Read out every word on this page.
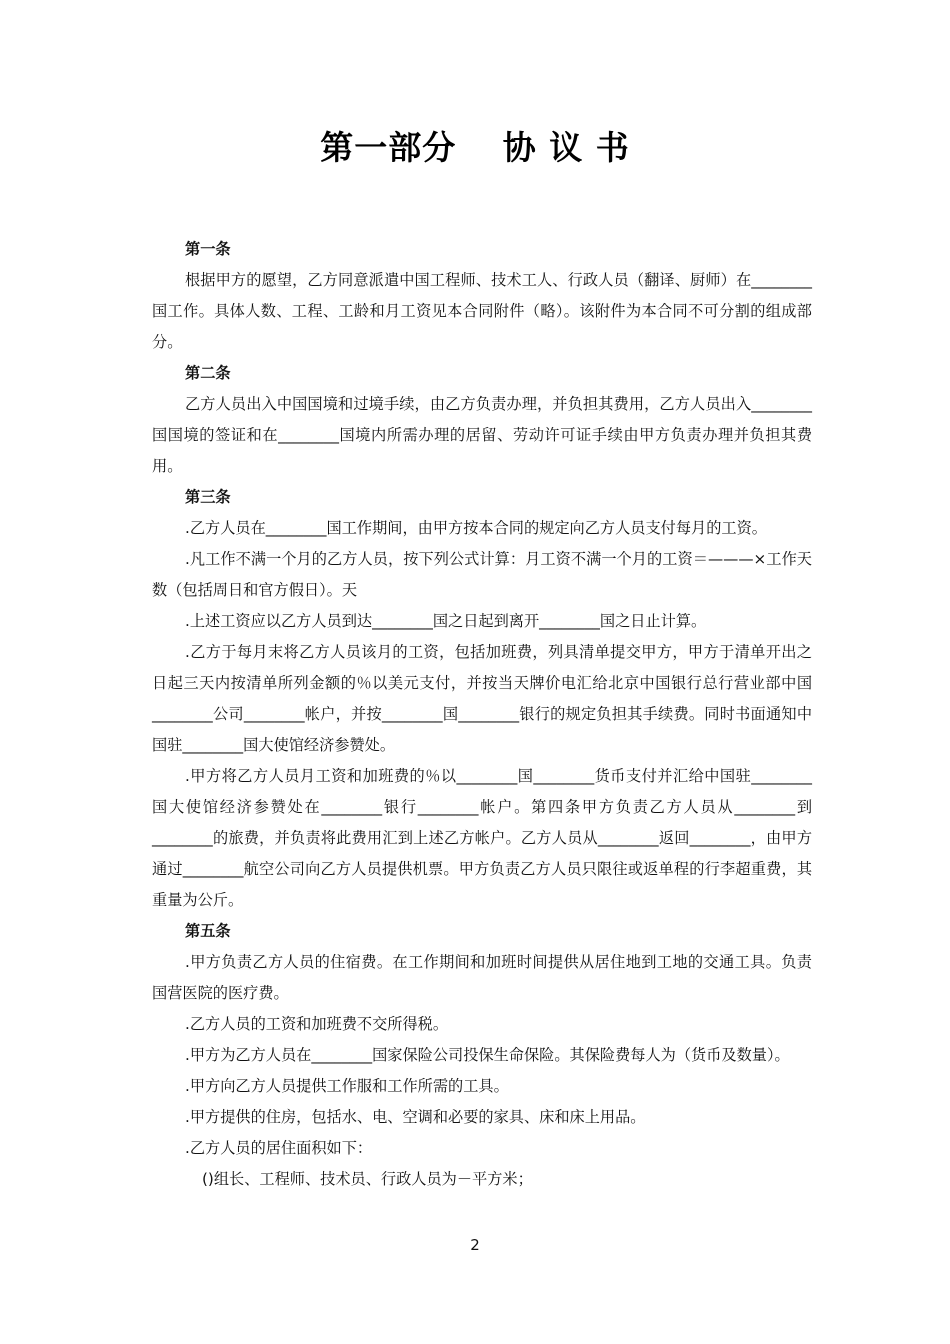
第一部分　 协 议 书

第一条

根据甲方的愿望，乙方同意派遣中国工程师、技术工人、行政人员（翻译、厨师）在________国工作。具体人数、工程、工龄和月工资见本合同附件（略）。该附件为本合同不可分割的组成部分。

第二条

乙方人员出入中国国境和过境手续，由乙方负责办理，并负担其费用，乙方人员出入________国国境的签证和在________国境内所需办理的居留、劳动许可证手续由甲方负责办理并负担其费用。

第三条

.乙方人员在________国工作期间，由甲方按本合同的规定向乙方人员支付每月的工资。

.凡工作不满一个月的乙方人员，按下列公式计算：月工资不满一个月的工资＝———×工作天数（包括周日和官方假日）。天

.上述工资应以乙方人员到达________国之日起到离开________国之日止计算。

.乙方于每月末将乙方人员该月的工资，包括加班费，列具清单提交甲方，甲方于清单开出之日起三天内按清单所列金额的％以美元支付，并按当天牌价电汇给北京中国银行总行营业部中国________公司________帐户，并按________国________银行的规定负担其手续费。同时书面通知中国驻________国大使馆经济参赞处。

.甲方将乙方人员月工资和加班费的％以________国________货币支付并汇给中国驻________国大使馆经济参赞处在________银行________帐户。第四条甲方负责乙方人员从________到________的旅费，并负责将此费用汇到上述乙方帐户。乙方人员从________返回________，由甲方通过________航空公司向乙方人员提供机票。甲方负责乙方人员只限往或返单程的行李超重费，其重量为公斤。

第五条

.甲方负责乙方人员的住宿费。在工作期间和加班时间提供从居住地到工地的交通工具。负责国营医院的医疗费。

.乙方人员的工资和加班费不交所得税。

.甲方为乙方人员在________国家保险公司投保生命保险。其保险费每人为（货币及数量）。

.甲方向乙方人员提供工作服和工作所需的工具。

.甲方提供的住房，包括水、电、空调和必要的家具、床和床上用品。

.乙方人员的居住面积如下：

()组长、工程师、技术员、行政人员为－平方米；

2
